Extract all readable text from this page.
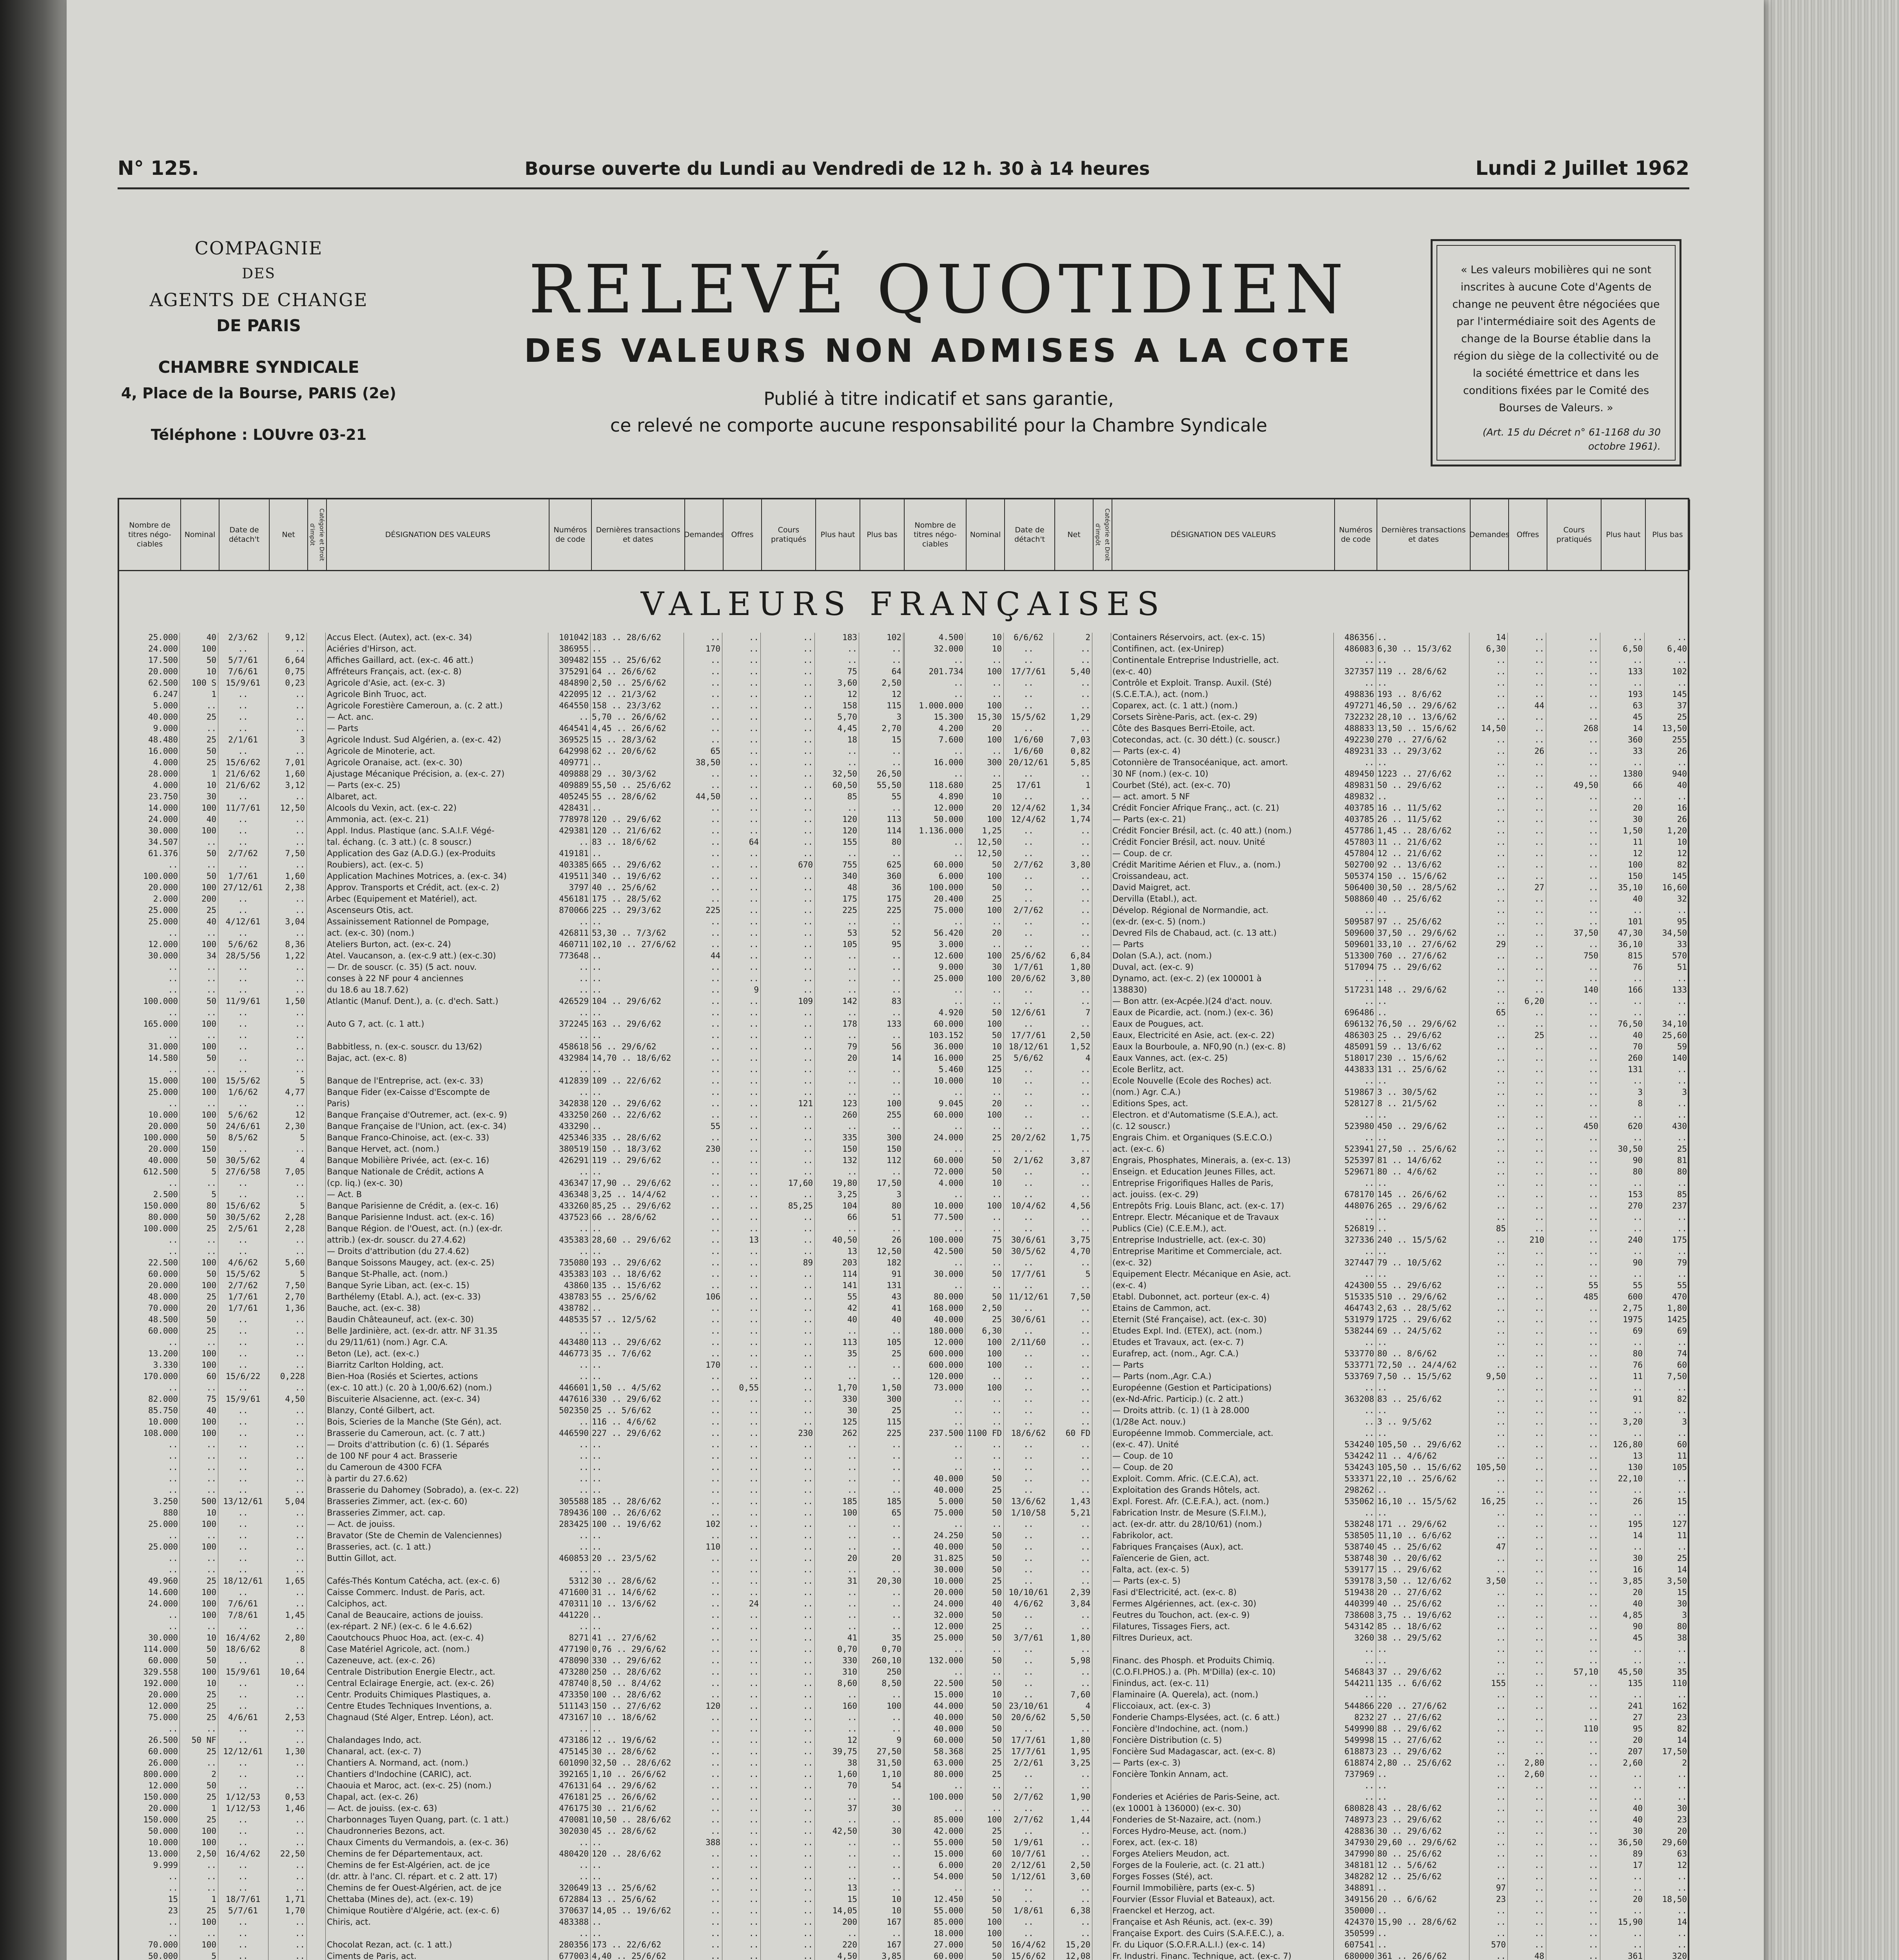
N° 125.	Bourse ouverte du Lundi au Vendredi de 12 h. 30 à 14 heures	Lundi 2 Juillet 1962
COMPAGNIE
DES
AGENTS DE CHANGE
DE PARIS
CHAMBRE SYNDICALE
4, Place de la Bourse, PARIS (2e)
Téléphone : LOUvre 03-21
RELEVÉ QUOTIDIEN
DES VALEURS NON ADMISES A LA COTE
Publié à titre indicatif et sans garantie,
ce relevé ne comporte aucune responsabilité pour la Chambre Syndicale
« Les valeurs mobilières qui ne sont inscrites à aucune Cote d'Agents de change ne peuvent être négociées que par l'intermédiaire soit des Agents de change de la Bourse établie dans la région du siège de la collectivité ou de la société émettrice et dans les conditions fixées par le Comité des Bourses de Valeurs. »
(Art. 15 du Décret n° 61-1168 du 30 octobre 1961).
Nombre de titres négo-ciables
Nominal
Date de détach't
Net	Catégorie et Droit d'impôt	DÉSIGNATION DES VALEURS
Numéros de code
Dernières transactions et dates
Demandes Offres
Cours pratiqués
Plus haut	Plus bas
Nombre de titres négo-ciables
Nominal
Date de détach't
Net	Catégorie et Droit d'impôt	DÉSIGNATION DES VALEURS
Numéros de code
Dernières transactions et dates
Demandes Offres
Cours pratiqués
Plus haut	Plus bas
VALEURS FRANÇAISES
25.000	40	2/3/62	9,12	Accus Elect. (Autex), act. (ex-c. 34)	101042 183 .. 28/6/62	..	..	..	183	102
24.000	100	..	..	Aciéries d'Hirson, act.	386955 ..	170	..	..	..	..
17.500	50	5/7/61	6,64	Affiches Gaillard, act. (ex-c. 46 att.)	309482 155 .. 25/6/62	..	..	..	..	..
20.000	10	7/6/61	0,75	Affréteurs Français, act. (ex-c. 8)	375291 64 .. 26/6/62	..	..	..	75	64
62.500	100 S	15/9/61	0,23	Agricole d'Asie, act. (ex-c. 3)	484890 2,50 .. 25/6/62	..	..	..	3,60	2,50
6.247	1	..	..	Agricole Binh Truoc, act.	422095 12 .. 21/3/62	..	..	..	12	12
5.000	..	..	..	Agricole Forestière Cameroun, a. (c. 2 att.)	464550 158 .. 23/3/62	..	..	..	158	115
40.000	25	..	..	— Act. anc.	.. 5,70 .. 26/6/62	..	..	..	5,70	3
9.000	..	..	..	— Parts	464541 4,45 .. 26/6/62	..	..	..	4,45	2,70
48.480	25	2/1/61	3	Agricole Indust. Sud Algérien, a. (ex-c. 42)	369525 15 .. 28/3/62	..	..	..	18	15
16.000	50	..	..	Agricole de Minoterie, act.	642998 62 .. 20/6/62	65	..	..	..	..
4.000	25	15/6/62	7,01	Agricole Oranaise, act. (ex-c. 30)	409771 ..	38,50	..	..	..	..
28.000	1	21/6/62	1,60	Ajustage Mécanique Précision, a. (ex-c. 27)	409888 29 .. 30/3/62	..	..	..	32,50	26,50
4.000	10	21/6/62	3,12	— Parts (ex-c. 25)	409889 55,50 .. 25/6/62	..	..	..	60,50	55,50
23.750	30	..	..	Albaret, act.	405245 55 .. 28/6/62	44,50	..	..	85	55
14.000	100	11/7/61	12,50	Alcools du Vexin, act. (ex-c. 22)	428431 ..	..	..	..	..	..
24.000	40	..	..	Ammonia, act. (ex-c. 21)	778978 120 .. 29/6/62	..	..	..	120	113
30.000	100	..	..	Appl. Indus. Plastique (anc. S.A.I.F. Végé-	429381 120 .. 21/6/62	..	..	..	120	114
34.507	..	..	..	tal. échang. (c. 3 att.) (c. 8 souscr.)	.. 83 .. 18/6/62	..	64	..	155	80
61.376	50	2/7/62	7,50	Application des Gaz (A.D.G.) (ex-Produits	419181 ..	..	..	..	..	..
..	..	..	..	Roubiers), act. (ex-c. 5)	403385 665 .. 29/6/62	..	..	670	755	625
100.000	50	1/7/61	1,60	Application Machines Motrices, a. (ex-c. 34)	419511 340 .. 19/6/62	..	..	..	340	360
20.000	100 27/12/61	2,38	Approv. Transports et Crédit, act. (ex-c. 2)	3797 40 .. 25/6/62	..	..	..	48	36
2.000	200	..	..	Arbec (Equipement et Matériel), act.	456181 175 .. 28/5/62	..	..	..	175	175
25.000	25	..	..	Ascenseurs Otis, act.	870066 225 .. 29/3/62	225	..	..	225	225
25.000	40	4/12/61	3,04	Assainissement Rationnel de Pompage,	.. ..	..	..	..	..	..
..	..	..	..	act. (ex-c. 30) (nom.)	426811 53,30 .. 7/3/62	..	..	..	53	52
12.000	100	5/6/62	8,36	Ateliers Burton, act. (ex-c. 24)	460711 102,10 .. 27/6/62	..	..	..	105	95
30.000	34	28/5/56	1,22	Atel. Vaucanson, a. (ex-c.9 att.) (ex-c.30)	773648 ..	44	..	..	..	..
..	..	..	..	— Dr. de souscr. (c. 35) (5 act. nouv.	.. ..	..	..	..	..	..
..	..	..	..	conses à 22 NF pour 4 anciennes	.. ..	..	..	..	..	..
..	..	..	..	du 18.6 au 18.7.62)	.. ..	..	9	..	..	..
100.000	50	11/9/61	1,50	Atlantic (Manuf. Dent.), a. (c. d'ech. Satt.)	426529 104 .. 29/6/62	..	..	109	142	83
..	..	..	..	.. ..	..	..	..	..	..
165.000	100	..	..	Auto G 7, act. (c. 1 att.)	372245 163 .. 29/6/62	..	..	..	178	133
..	..	..	..	.. ..	..	..	..	..	..
31.000	100	..	..	Babbitless, n. (ex-c. souscr. du 13/62)	458618 56 .. 29/6/62	..	..	..	79	56
14.580	50	..	..	Bajac, act. (ex-c. 8)	432984 14,70 .. 18/6/62	..	..	..	20	14
..	..	..	..	.. ..	..	..	..	..	..
15.000	100	15/5/62	5	Banque de l'Entreprise, act. (ex-c. 33)	412839 109 .. 22/6/62	..	..	..	..	..
25.000	100	1/6/62	4,77	Banque Fider (ex-Caisse d'Escompte de	.. ..	..	..	..	..	..
..	..	..	..	Paris)	342838 120 .. 29/6/62	..	..	121	123	100
10.000	100	5/6/62	12	Banque Française d'Outremer, act. (ex-c. 9)	433250 260 .. 22/6/62	..	..	..	260	255
20.000	50	24/6/61	2,30	Banque Française de l'Union, act. (ex-c. 34)	433290 ..	55	..	..	..	..
100.000	50	8/5/62	5	Banque Franco-Chinoise, act. (ex-c. 33)	425346 335 .. 28/6/62	..	..	..	335	300
20.000	150	..	..	Banque Hervet, act. (nom.)	380519 150 .. 18/3/62	230	..	..	150	150
40.000	50	30/5/62	4	Banque Mobilière Privée, act. (ex-c. 16)	426291 119 .. 29/6/62	..	..	..	132	112
612.500	5	27/6/58	7,05	Banque Nationale de Crédit, actions A	.. ..	..	..	..	..	..
..	..	..	..	(cp. liq.) (ex-c. 30)	436347 17,90 .. 29/6/62	..	..	17,60	19,80	17,50
2.500	5	..	..	— Act. B	436348 3,25 .. 14/4/62	..	..	..	3,25	3
150.000	80	15/6/62	5	Banque Parisienne de Crédit, a. (ex-c. 16)	433260 85,25 .. 29/6/62	..	..	85,25	104	80
80.000	50	30/5/62	2,28	Banque Parisienne Indust. act. (ex-c. 16)	437523 66 .. 28/6/62	..	..	..	66	51
100.000	25	2/5/61	2,28	Banque Région. de l'Ouest, act. (n.) (ex-dr.	.. ..	..	..	..	..	..
..	..	..	..	attrib.) (ex-dr. souscr. du 27.4.62)	435383 28,60 .. 29/6/62	..	13	..	40,50	26
..	..	..	..	— Droits d'attribution (du 27.4.62)	.. ..	..	..	..	13	12,50
22.500	100	4/6/62	5,60	Banque Soissons Maugey, act. (ex-c. 25)	735080 193 .. 29/6/62	..	..	89	203	182
60.000	50	15/5/62	5	Banque St-Phalle, act. (nom.)	435383 103 .. 18/6/62	..	..	..	114	91
20.000	100	2/7/62	7,50	Banque Syrie Liban, act. (ex-c. 15)	43860 135 .. 15/6/62	..	..	..	141	131
48.000	25	1/7/61	2,70	Barthélemy (Etabl. A.), act. (ex-c. 33)	438783 55 .. 25/6/62	106	..	..	55	43
70.000	20	1/7/61	1,36	Bauche, act. (ex-c. 38)	438782 ..	..	..	..	42	41
48.500	50	..	..	Baudin Châteauneuf, act. (ex-c. 30)	448535 57 .. 12/5/62	..	..	..	40	40
60.000	25	..	..	Belle Jardinière, act. (ex-dr. attr. NF 31.35	.. ..	..	..	..	..	..
..	..	..	..	du 29/11/61) (nom.) Agr. C.A.	443480 113 .. 29/6/62	..	..	..	113	105
13.200	100	..	..	Beton (Le), act. (ex-c.)	446773 35 .. 7/6/62	..	..	..	35	25
3.330	100	..	..	Biarritz Carlton Holding, act.	.. ..	170	..	..	..	..
170.000	60	15/6/22	0,228	Bien-Hoa (Rosiés et Sciertes, actions	.. ..	..	..	..	..	..
..	..	..	..	(ex-c. 10 att.) (c. 20 à 1,00/6.62) (nom.)	446601 1,50 .. 4/5/62	..	0,55	..	1,70	1,50
82.000	75	15/9/61	4,50	Biscuiterie Alsacienne, act. (ex-c. 34)	447616 330 .. 29/6/62	..	..	..	330	300
85.750	40	..	..	Blanzy, Conté Gilbert, act.	502350 25 .. 5/6/62	..	..	..	30	25
10.000	100	..	..	Bois, Scieries de la Manche (Ste Gén), act.	.. 116 .. 4/6/62	..	..	..	125	115
108.000	100	..	..	Brasserie du Cameroun, act. (c. 7 att.)	446590 227 .. 29/6/62	..	..	230	262	225
..	..	..	..	— Droits d'attribution (c. 6) (1. Séparés	.. ..	..	..	..	..	..
..	..	..	..	de 100 NF pour 4 act. Brasserie	.. ..	..	..	..	..	..
..	..	..	..	du Cameroun de 4300 FCFA	.. ..	..	..	..	..	..
..	..	..	..	à partir du 27.6.62)	.. ..	..	..	..	..	..
..	..	..	..	Brasserie du Dahomey (Sobrado), a. (ex-c. 22)	.. ..	..	..	..	..	..
3.250	500 13/12/61	5,04	Brasseries Zimmer, act. (ex-c. 60)	305588 185 .. 28/6/62	..	..	..	185	185
880	10	..	..	Brasseries Zimmer, act. cap.	789436 100 .. 26/6/62	..	..	..	100	65
25.000	100	..	..	— Act. de jouiss.	283425 100 .. 19/6/62	102	..	..	..	..
..	..	..	..	Bravator (Ste de Chemin de Valenciennes)	.. ..	..	..	..	..	..
25.000	100	..	..	Brasseries, act. (c. 1 att.)	.. ..	110	..	..	..	..
..	..	..	..	Buttin Gillot, act.	460853 20 .. 23/5/62	..	..	..	20	20
..	..	..	..	.. ..	..	..	..	..	..
49.960	25 18/12/61	1,65	Cafés-Thés Kontum Catécha, act. (ex-c. 6)	5312 30 .. 28/6/62	..	..	..	31	20,30
14.600	100	..	..	Caisse Commerc. Indust. de Paris, act.	471600 31 .. 14/6/62	..	..	..	..	..
24.000	100	7/6/61	..	Calciphos, act.	470311 10 .. 13/6/62	..	24	..	..	..
..	100	7/8/61	1,45	Canal de Beaucaire, actions de jouiss.	441220 ..	..	..	..	..	..
..	..	..	..	(ex-répart. 2 NF.) (ex-c. 6 le 4.6.62)	.. ..	..	..	..	..	..
30.000	10	16/4/62	2,80	Caoutchoucs Phuoc Hoa, act. (ex-c. 4)	8271 41 .. 27/6/62	..	..	..	41	35
114.000	50	18/6/62	8	Case Matériel Agricole, act. (nom.)	477190 0,76 .. 29/6/62	..	..	..	0,70	0,70
60.000	50	..	..	Cazeneuve, act. (ex-c. 26)	478090 330 .. 29/6/62	..	..	..	330	260,10
329.558	100	15/9/61	10,64	Centrale Distribution Energie Electr., act.	473280 250 .. 28/6/62	..	..	..	310	250
192.000	10	..	..	Central Eclairage Energie, act. (ex-c. 26)	478740 8,50 .. 8/4/62	..	..	..	8,60	8,50
20.000	25	..	..	Centr. Produits Chimiques Plastiques, a.	473350 100 .. 28/6/62	..	..	..	..	..
12.000	25	..	..	Centre Etudes Techniques Inventions, a.	511143 150 .. 27/6/62	120	..	..	160	100
75.000	25	4/6/61	2,53	Chagnaud (Sté Alger, Entrep. Léon), act.	473167 10 .. 18/6/62	..	..	..	..	..
..	..	..	..	.. ..	..	..	..	..	..
26.500	50 NF	..	..	Chalandages Indo, act.	473186 12 .. 19/6/62	..	..	..	12	9
60.000	25 12/12/61	1,30	Chanaral, act. (ex-c. 7)	475145 30 .. 28/6/62	..	..	..	39,75	27,50
26.000	..	..	..	Chantiers A. Normand, act. (nom.)	601090 32,50 .. 28/6/62	..	..	..	38	31,50
800.000	2	..	..	Chantiers d'Indochine (CARIC), act.	392165 1,10 .. 26/6/62	..	..	..	1,60	1,10
12.000	50	..	..	Chaouia et Maroc, act. (ex-c. 25) (nom.)	476131 64 .. 29/6/62	..	..	..	70	54
150.000	25	1/12/53	0,53	Chapal, act. (ex-c. 26)	476181 25 .. 26/6/62	..	..	..	..	..
20.000	1	1/12/53	1,46	— Act. de jouiss. (ex-c. 63)	476175 30 .. 21/6/62	..	..	..	37	30
150.000	25	..	..	Charbonnages Tuyen Quang, part. (c. 1 att.)	470081 10,50 .. 28/6/62	..	..	..	..	..
50.000	100	..	..	Chaudronneries Bezons, act.	302030 45 .. 28/6/62	..	..	..	42,50	30
10.000	100	..	..	Chaux Ciments du Vermandois, a. (ex-c. 36)	.. ..	388	..	..	..	..
13.000	2,50	16/4/62	22,50	Chemins de fer Départementaux, act.	480420 120 .. 28/6/62	..	..	..	..	..
9.999	..	..	..	Chemins de fer Est-Algérien, act. de jce	.. ..	..	..	..	..	..
..	..	..	..	(dr. attr. à l'anc. Cl. répart. et c. 2 att. 17)	.. ..	..	..	..	..	..
..	..	..	..	Chemins de fer Ouest-Algérien, act. de jce	320649 13 .. 25/6/62	..	..	..	13	..
15	1	18/7/61	1,71	Chettaba (Mines de), act. (ex-c. 19)	672884 13 .. 25/6/62	..	..	..	15	10
23	25	5/7/61	1,70	Chimique Routière d'Algérie, act. (ex-c. 6)	370637 14,05 .. 19/6/62	..	..	..	14,05	10
..	100	..	..	Chiris, act.	483388 ..	..	..	..	200	167
..	..	..	..	.. ..	..	..	..	..	..
70.000	100	..	..	Chocolat Rezan, act. (c. 1 att.)	280356 173 .. 22/6/62	..	..	..	220	167
50.000	5	..	..	Ciments de Paris, act.	677003 4,40 .. 25/6/62	..	..	..	4,50	3,85
4.500	10	6/6/62	2	Containers Réservoirs, act. (ex-c. 15)	486356 ..	14	..	..	..	..
32.000	10	..	..	Contifinen, act. (ex-Unirep)	486083 6,30 .. 15/3/62	6,30	..	..	6,50	6,40
..	..	..	..	Continentale Entreprise Industrielle, act.	.. ..	..	..	..	..	..
201.734	100	17/7/61	5,40	(ex-c. 40)	327357 119 .. 28/6/62	..	..	..	133	102
..	..	..	..	Contrôle et Exploit. Transp. Auxil. (Sté)	.. ..	..	..	..	..	..
..	..	..	..	(S.C.E.T.A.), act. (nom.)	498836 193 .. 8/6/62	..	..	..	193	145
1.000.000	100	..	..	Coparex, act. (c. 1 att.) (nom.)	497271 46,50 .. 29/6/62	..	44	..	63	37
15.300	15,30	15/5/62	1,29	Corsets Sirène-Paris, act. (ex-c. 29)	732232 28,10 .. 13/6/62	..	..	..	45	25
4.200	20	..	..	Côte des Basques Berri-Etoile, act.	488833 13,50 .. 15/6/62	14,50	..	268	14	13,50
7.600	100	1/6/60	7,03	Cotecondas, act. (c. 30 détt.) (c. souscr.)	492230 270 .. 27/6/62	..	..	..	360	255
..	..	1/6/60	0,82	— Parts (ex-c. 4)	489231 33 .. 29/3/62	..	26	..	33	26
16.000	300 20/12/61	5,85	Cotonnière de Transocéanique, act. amort.	.. ..	..	..	..	..	..
..	..	..	..	30 NF (nom.) (ex-c. 10)	489450 1223 .. 27/6/62	..	..	..	1380	940
118.680	25	17/61	1	Courbet (Sté), act. (ex-c. 70)	489831 50 .. 29/6/62	..	..	49,50	66	40
4.890	10	..	..	— act. amort. 5 NF	489832 ..	..	..	..	..	..
12.000	20	12/4/62	1,34	Crédit Foncier Afrique Franç., act. (c. 21)	403785 16 .. 11/5/62	..	..	..	20	16
50.000	100	12/4/62	1,74	— Parts (ex-c. 21)	403785 26 .. 11/5/62	..	..	..	30	26
1.136.000	1,25	..	..	Crédit Foncier Brésil, act. (c. 40 att.) (nom.)	457786 1,45 .. 28/6/62	..	..	..	1,50	1,20
..	12,50	..	..	Crédit Foncier Brésil, act. nouv. Unité	457803 11 .. 21/6/62	..	..	..	11	10
..	12,50	..	..	— Coup. de cr.	457804 12 .. 21/6/62	..	..	..	12	12
60.000	50	2/7/62	3,80	Crédit Maritime Aérien et Fluv., a. (nom.)	502700 92 .. 13/6/62	..	..	..	100	82
6.000	100	..	..	Croissandeau, act.	505374 150 .. 15/6/62	..	..	..	150	145
100.000	50	..	..	David Maigret, act.	506400 30,50 .. 28/5/62	..	27	..	35,10	16,60
20.400	25	..	..	Dervilla (Etabl.), act.	508860 40 .. 25/6/62	..	..	..	40	32
75.000	100	2/7/62	..	Dévelop. Régional de Normandie, act.	.. ..	..	..	..	..	..
..	..	..	..	(ex-dr. (ex-c. 5) (nom.)	509587 97 .. 25/6/62	..	..	..	101	95
56.420	20	..	..	Devred Fils de Chabaud, act. (c. 13 att.)	509600 37,50 .. 29/6/62	..	..	37,50	47,30	34,50
3.000	..	..	..	— Parts	509601 33,10 .. 27/6/62	29	..	..	36,10	33
12.600	100	25/6/62	6,84	Dolan (S.A.), act. (nom.)	513300 760 .. 27/6/62	..	..	750	815	570
9.000	30	1/7/61	1,80	Duval, act. (ex-c. 9)	517094 75 .. 29/6/62	..	..	..	76	51
25.000	100	20/6/62	3,80	Dynamo, act. (ex-c. 2) (ex 100001 à	.. ..	..	..	..	..	..
..	..	..	..	138830)	517231 148 .. 29/6/62	..	..	140	166	133
..	..	..	..	— Bon attr. (ex-Acpée.)(24 d'act. nouv.	.. ..	..	6,20	..	..	..
4.920	50	12/6/61	7	Eaux de Picardie, act. (nom.) (ex-c. 36)	696486 ..	65	..	..	..	..
60.000	100	..	..	Eaux de Pougues, act.	696132 76,50 .. 29/6/62	..	..	..	76,50	34,10
103.152	50	17/7/61	2,50	Eaux, Electricité en Asie, act. (ex-c. 22)	486303 25 .. 29/6/62	..	25	..	40	25,60
36.000	10 18/12/61	1,52	Eaux la Bourboule, a. NF0,90 (n.) (ex-c. 8)	485091 59 .. 13/6/62	..	..	..	70	59
16.000	25	5/6/62	4	Eaux Vannes, act. (ex-c. 25)	518017 230 .. 15/6/62	..	..	..	260	140
5.460	125	..	..	Ecole Berlitz, act.	443833 131 .. 25/6/62	..	..	..	131	..
10.000	10	..	..	Ecole Nouvelle (Ecole des Roches) act.	.. ..	..	..	..	..	..
..	..	..	..	(nom.) Agr. C.A.)	519867 3 .. 30/5/62	..	..	..	3	3
9.045	20	..	..	Editions Spes, act.	528127 8 .. 21/5/62	..	..	..	8	..
60.000	100	..	..	Electron. et d'Automatisme (S.E.A.), act.	.. ..	..	..	..	..	..
..	..	..	..	(c. 12 souscr.)	523980 450 .. 29/6/62	..	..	450	620	430
24.000	25	20/2/62	1,75	Engrais Chim. et Organiques (S.E.C.O.)	.. ..	..	..	..	..	..
..	..	..	..	act. (ex-c. 6)	523941 27,50 .. 25/6/62	..	..	..	30,50	25
60.000	50	2/1/62	3,87	Engrais, Phosphates, Minerais, a. (ex-c. 13)	525397 81 .. 14/6/62	..	..	..	90	81
72.000	50	..	..	Enseign. et Education Jeunes Filles, act.	529671 80 .. 4/6/62	..	..	..	80	80
4.000	10	..	..	Entreprise Frigorifiques Halles de Paris,	.. ..	..	..	..	..	..
..	..	..	..	act. jouiss. (ex-c. 29)	678170 145 .. 26/6/62	..	..	..	153	85
10.000	100	10/4/62	4,56	Entrepôts Frig. Louis Blanc, act. (ex-c. 17)	448076 265 .. 29/6/62	..	..	..	270	237
77.500	..	..	..	Entrepr. Electr. Mécanique et de Travaux	.. ..	..	..	..	..	..
..	..	..	..	Publics (Cie) (C.E.E.M.), act.	526819 ..	85	..	..	..	..
100.000	75	30/6/61	3,75	Entreprise Industrielle, act. (ex-c. 30)	327336 240 .. 15/5/62	..	210	..	240	175
42.500	50	30/5/62	4,70	Entreprise Maritime et Commerciale, act.	.. ..	..	..	..	..	..
..	..	..	..	(ex-c. 32)	327447 79 .. 10/5/62	..	..	..	90	79
30.000	50	17/7/61	5	Equipement Electr. Mécanique en Asie, act.	.. ..	..	..	..	..	..
..	..	..	..	(ex-c. 4)	424300 55 .. 29/6/62	..	..	55	55	55
80.000	50 11/12/61	7,50	Etabl. Dubonnet, act. porteur (ex-c. 4)	515335 510 .. 29/6/62	..	..	485	600	470
168.000	2,50	..	..	Etains de Cammon, act.	464743 2,63 .. 28/5/62	..	..	..	2,75	1,80
40.000	25	30/6/61	..	Eternit (Sté Française), act. (ex-c. 30)	531979 1725 .. 29/6/62	..	..	..	1975	1425
180.000	6,30	..	..	Etudes Expl. Ind. (ETEX), act. (nom.)	538244 69 .. 24/5/62	..	..	..	69	69
12.000	100	2/11/60	..	Etudes et Travaux, act. (ex-c. 7)	.. ..	..	..	..	..	..
600.000	100	..	..	Eurafrep, act. (nom., Agr. C.A.)	533770 80 .. 8/6/62	..	..	..	80	74
600.000	100	..	..	— Parts	533771 72,50 .. 24/4/62	..	..	..	76	60
120.000	..	..	..	— Parts (nom.,Agr. C.A.)	533769 7,50 .. 15/5/62	9,50	..	..	11	7,50
73.000	100	..	..	Européenne (Gestion et Participations)	.. ..	..	..	..	..	..
..	..	..	..	(ex-Nd-Afric. Particip.) (c. 2 att.)	363208 83 .. 25/6/62	..	..	..	91	82
..	..	..	..	— Droits attrib. (c. 1) (1 à 28.000	.. ..	..	..	..	..	..
..	..	..	..	(1/28e Act. nouv.)	.. 3 .. 9/5/62	..	..	..	3,20	3
237.500 1100 FD	18/6/62	60 FD	Européenne Immob. Commerciale, act.	.. ..	..	..	..	..	..
..	..	..	..	(ex-c. 47). Unité	534240 105,50 .. 29/6/62	..	..	..	126,80	60
..	..	..	..	— Coup. de 10	534242 11 .. 4/6/62	..	..	..	13	11
..	..	..	..	— Coup. de 20	534243 105,50 .. 15/6/62	105,50	..	..	130	105
40.000	50	..	..	Exploit. Comm. Afric. (C.E.C.A), act.	533371 22,10 .. 25/6/62	..	..	..	22,10	..
40.000	25	..	..	Exploitation des Grands Hôtels, act.	298262 ..	..	..	..	..	..
5.000	50	13/6/62	1,43	Expl. Forest. Afr. (C.E.F.A.), act. (nom.)	535062 16,10 .. 15/5/62	16,25	..	..	26	15
75.000	50	1/10/58	5,21	Fabrication Instr. de Mesure (S.F.I.M.),	.. ..	..	..	..	..	..
..	..	..	..	act. (ex-dr. attr. du 28/10/61) (nom.)	538248 171 .. 29/6/62	..	..	..	195	127
24.250	50	..	..	Fabrikolor, act.	538505 11,10 .. 6/6/62	..	..	..	14	11
40.000	50	..	..	Fabriques Françaises (Aux), act.	538740 45 .. 25/6/62	47	..	..	..	..
31.825	50	..	..	Faïencerie de Gien, act.	538748 30 .. 20/6/62	..	..	..	30	25
30.000	50	..	..	Falta, act. (ex-c. 5)	539177 15 .. 29/6/62	..	..	..	16	14
10.000	25	..	..	— Parts (ex-c. 5)	539178 3,50 .. 12/6/62	3,50	..	..	3,85	3,50
20.000	50 10/10/61	2,39	Fasi d'Electricité, act. (ex-c. 8)	519438 20 .. 27/6/62	..	..	..	20	15
24.000	40	4/6/62	3,84	Fermes Algériennes, act. (ex-c. 30)	440399 40 .. 25/6/62	..	..	..	40	30
32.000	50	..	..	Feutres du Touchon, act. (ex-c. 9)	738608 3,75 .. 19/6/62	..	..	..	4,85	3
12.000	25	..	..	Filatures, Tissages Fiers, act.	543142 85 .. 18/6/62	..	..	..	90	80
25.000	50	3/7/61	1,80	Filtres Durieux, act.	3260 38 .. 29/5/62	..	..	..	45	38
..	..	..	..	.. ..	..	..	..	..	..
132.000	50	..	5,98	Financ. des Phosph. et Produits Chimiq.	.. ..	..	..	..	..	..
..	..	..	..	(C.O.FI.PHOS.) a. (Ph. M'Dilla) (ex-c. 10)	546843 37 .. 29/6/62	..	..	57,10	45,50	35
22.500	50	..	..	Finindus, act. (ex-c. 11)	544211 135 .. 6/6/62	155	..	..	135	110
15.000	10	..	7,60	Flaminaire (A. Querela), act. (nom.)	.. ..	..	..	..	..	..
44.000	50 23/10/61	4	Fliccoiaux, act. (ex-c. 3)	544866 220 .. 27/6/62	..	..	..	241	162
40.000	50	20/6/62	5,50	Fonderie Champs-Elysées, act. (c. 6 att.)	8232 27 .. 27/6/62	..	..	..	27	23
40.000	50	..	..	Foncière d'Indochine, act. (nom.)	549990 88 .. 29/6/62	..	..	110	95	82
60.000	50	17/7/61	1,80	Foncière Distribution (c. 5)	549998 15 .. 27/6/62	..	..	..	20	14
58.368	25	17/7/61	1,95	Foncière Sud Madagascar, act. (ex-c. 8)	618873 23 .. 29/6/62	..	..	..	207	17,50
63.000	25	2/2/61	3,25	— Parts (ex-c. 3)	618874 2,80 .. 25/6/62	..	2,80	..	2,60	2
80.000	25	..	..	Foncière Tonkin Annam, act.	737969 ..	..	2,60	..	..	..
..	..	..	..	.. ..	..	..	..	..	..
100.000	50	2/7/62	1,90	Fonderies et Aciéries de Paris-Seine, act.	.. ..	..	..	..	..	..
..	..	..	..	(ex 10001 à 136000) (ex-c. 30)	680828 43 .. 28/6/62	..	..	..	40	30
85.000	100	2/7/62	1,44	Fonderies de St-Nazaire, act. (nom.)	748973 23 .. 29/6/62	..	..	..	40	23
42.000	25	..	..	Forces Hydro-Meuse, act. (nom.)	428836 30 .. 29/6/62	..	..	..	30	20
55.000	50	1/9/61	..	Forex, act. (ex-c. 18)	347930 29,60 .. 29/6/62	..	..	..	36,50	29,60
15.000	60	10/7/61	..	Forges Ateliers Meudon, act.	347990 80 .. 25/6/62	..	..	..	89	63
6.000	20	2/12/61	2,50	Forges de la Foulerie, act. (c. 21 att.)	348181 12 .. 5/6/62	..	..	..	17	12
54.000	50	1/12/61	3,60	Forges Fosses (Sté), act.	348282 12 .. 25/6/62	..	..	..	..	..
..	..	..	..	Fournil Immobilière, parts (ex-c. 5)	348891 ..	97	..	..	..	..
12.450	50	..	..	Fourvier (Essor Fluvial et Bateaux), act.	349156 20 .. 6/6/62	23	..	..	20	18,50
55.000	50	1/8/61	6,38	Fraenckel et Herzog, act.	350000 ..	..	..	..	..	..
85.000	100	..	..	Française et Ash Réunis, act. (ex-c. 39)	424370 15,90 .. 28/6/62	..	..	..	15,90	14
18.000	100	..	..	Française Export. des Cuirs (S.A.F.E.C.), a.	350599 ..	..	..	..	..	..
27.000	50	16/4/62	15,20	Fr. du Liquor (S.O.F.R.A.L.I.) (ex-c. 14)	607541 ..	570	..	..	..	..
60.000	50	15/6/62	12,08	Fr. Industri. Financ. Technique, act. (ex-c. 7)	680000 361 .. 26/6/62	..	48	..	361	320
